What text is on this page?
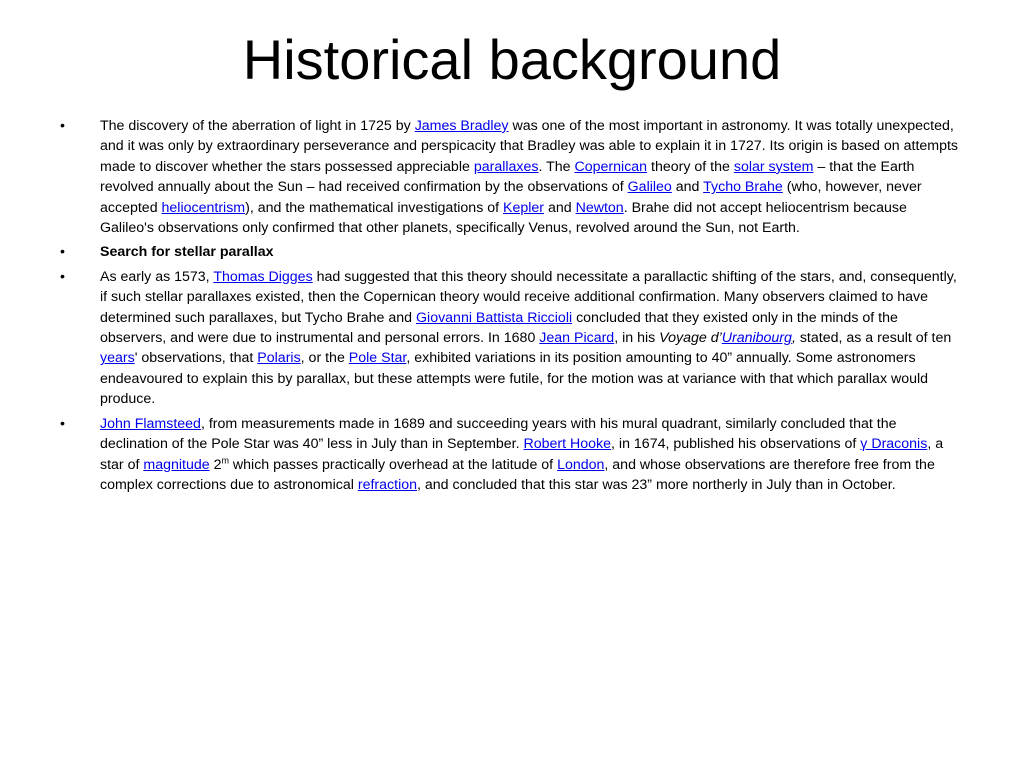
Historical background
•	The discovery of the aberration of light in 1725 by James Bradley was one of the most important in astronomy. It was totally unexpected, and it was only by extraordinary perseverance and perspicacity that Bradley was able to explain it in 1727. Its origin is based on attempts made to discover whether the stars possessed appreciable parallaxes. The Copernican theory of the solar system – that the Earth revolved annually about the Sun – had received confirmation by the observations of Galileo and Tycho Brahe (who, however, never accepted heliocentrism), and the mathematical investigations of Kepler and Newton. Brahe did not accept heliocentrism because Galileo's observations only confirmed that other planets, specifically Venus, revolved around the Sun, not Earth.
•	Search for stellar parallax
•	As early as 1573, Thomas Digges had suggested that this theory should necessitate a parallactic shifting of the stars, and, consequently, if such stellar parallaxes existed, then the Copernican theory would receive additional confirmation. Many observers claimed to have determined such parallaxes, but Tycho Brahe and Giovanni Battista Riccioli concluded that they existed only in the minds of the observers, and were due to instrumental and personal errors. In 1680 Jean Picard, in his Voyage d’Uranibourg, stated, as a result of ten years' observations, that Polaris, or the Pole Star, exhibited variations in its position amounting to 40” annually. Some astronomers endeavoured to explain this by parallax, but these attempts were futile, for the motion was at variance with that which parallax would produce.
•	John Flamsteed, from measurements made in 1689 and succeeding years with his mural quadrant, similarly concluded that the declination of the Pole Star was 40” less in July than in September. Robert Hooke, in 1674, published his observations of γ Draconis, a star of magnitude 2$^m$ which passes practically overhead at the latitude of London, and whose observations are therefore free from the complex corrections due to astronomical refraction, and concluded that this star was 23” more northerly in July than in October.
